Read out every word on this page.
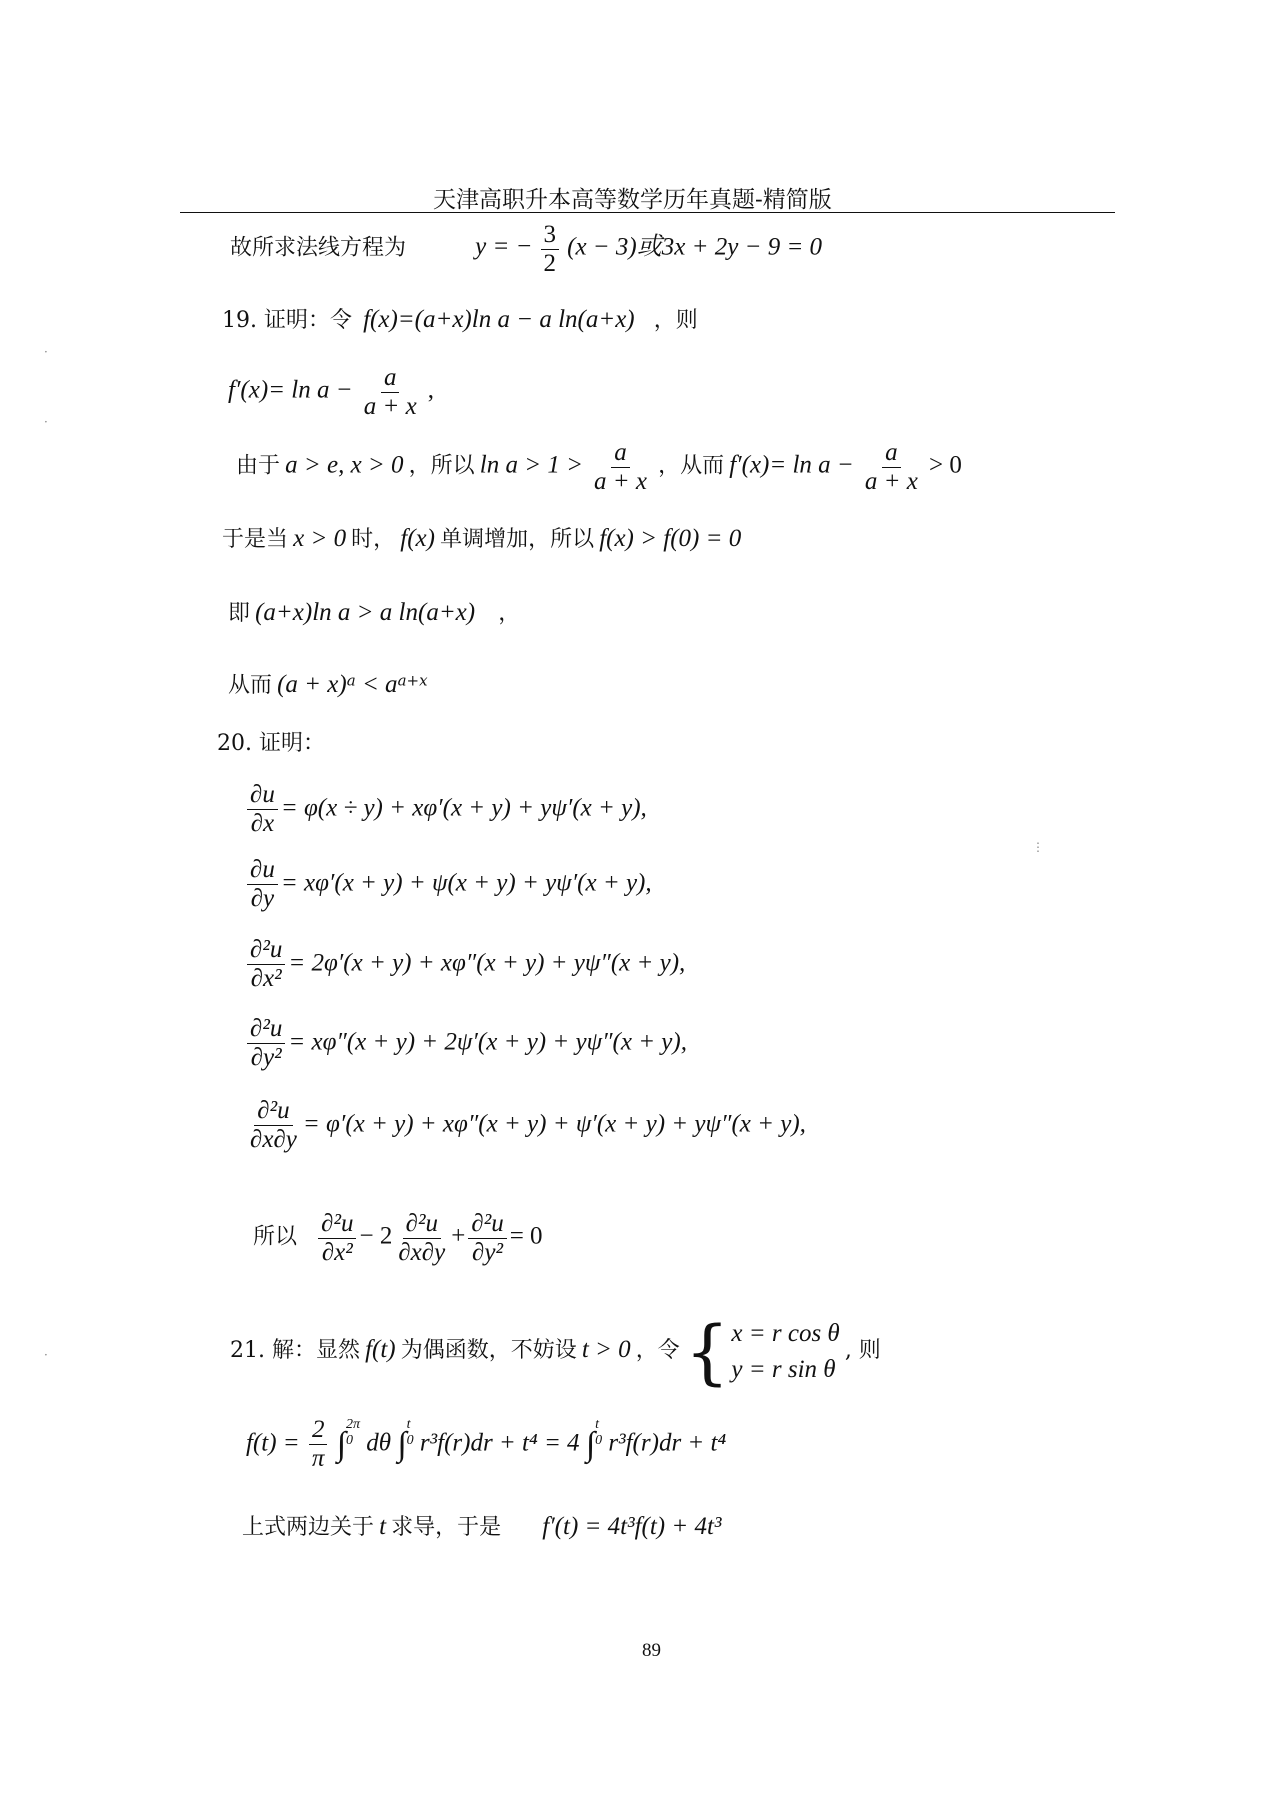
·
·
⋮
·
天津高职升本高等数学历年真题-精简版
故所求法线方程为	y = − $\frac{3}{2} (x - 3)$或3x + 2y − 9 = 0
19. 证明：令 f(x)=(a+x)ln a − a ln(a+x) ，则
$f'(x)= \ln a - \frac{a}{a + x}$ ,
由于 a > e, x > 0 ，所以 $\ln a > 1 > \frac{a}{a + x}$ ，从而 $f'(x)= \ln a - \frac{a}{a + x} > 0$
于是当 x > 0 时， f(x) 单调增加，所以 f(x) > f(0) = 0
即 (a+x)ln a > a ln(a+x) ，
从而 (a + x)a < aa+x
20. 证明：
$\frac{\partial u}{\partial x} = \varphi(x \div y) + x\varphi'(x + y) + y\psi'(x + y)$,
$\frac{\partial u}{\partial y} = x\varphi'(x + y) + \psi(x + y) + y\psi'(x + y)$,
$\frac{\text{∂²u}}{\text{∂x²}} = 2\varphi'(x + y) + x\varphi''(x + y) + y\psi''(x + y)$,
$\frac{\text{∂²u}}{\text{∂y²}} = x\varphi''(x + y) + 2\psi'(x + y) + y\psi''(x + y)$,
$\frac{\text{∂²u}}{\partial x\partial y} = \varphi'(x + y) + x\varphi''(x + y) + \psi'(x + y) + y\psi''(x + y)$,
所以 $\frac{\text{∂²u}}{\text{∂x²}} - 2 \frac{\text{∂²u}}{\partial x\partial y} + \frac{\text{∂²u}}{\text{∂y²}} = 0$
21. 解：显然 f(t) 为偶函数，不妨设 t > 0 ，令 { x = r cos θ
y = r sin θ
, 则
$f(t) = \frac{2}{\pi} \int 2\pi$
0 dθ ∫t
0 r³f(r)dr + t⁴ = 4 ∫t
0 r³f(r)dr + t⁴
上式两边关于 t 求导，于是 f′(t) = 4t³f(t) + 4t³
89
